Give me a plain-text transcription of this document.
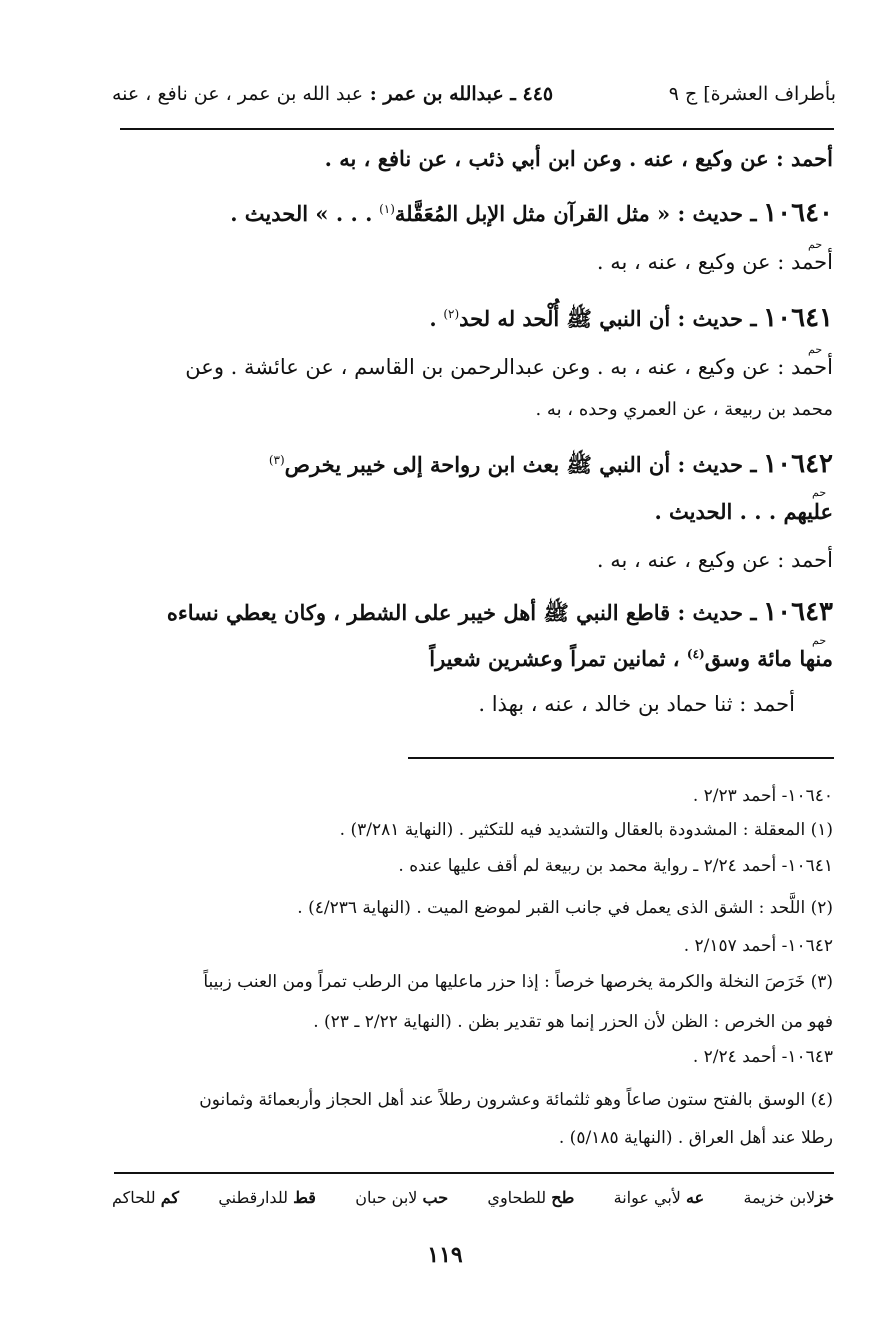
بأطراف العشرة] ج ٩
٤٤٥ ـ عبدالله بن عمر : عبد الله بن عمر ، عن نافع ، عنه
أحمد : عن وكيع ، عنه . وعن ابن أبي ذئب ، عن نافع ، به .
١٠٦٤٠ ـ حديث : « مثل القرآن مثل الإبل المُعَقَّلة$^{(١)}$ . . . » الحديث .
حم
أحمد : عن وكيع ، عنه ، به .
١٠٦٤١ ـ حديث : أن النبي ﷺ أُلْحد له لحد$^{(٢)}$ .
حم
أحمد : عن وكيع ، عنه ، به . وعن عبدالرحمن بن القاسم ، عن عائشة . وعن
محمد بن ربيعة ، عن العمري وحده ، به .
١٠٦٤٢ ـ حديث : أن النبي ﷺ بعث ابن رواحة إلى خيبر يخرص$^{(٣)}$
حم
عليهم . . . الحديث .
أحمد : عن وكيع ، عنه ، به .
١٠٦٤٣ ـ حديث : قاطع النبي ﷺ أهل خيبر على الشطر ، وكان يعطي نساءه
حم
منها مائة وسق$^{(٤)}$ ، ثمانين تمراً وعشرين شعيراً
أحمد : ثنا حماد بن خالد ، عنه ، بهذا .
١٠٦٤٠- أحمد ٢/٢٣ .
(١) المعقلة : المشدودة بالعقال والتشديد فيه للتكثير . (النهاية ٣/٢٨١) .
١٠٦٤١- أحمد ٢/٢٤ ـ رواية محمد بن ربيعة لم أقف عليها عنده .
(٢) اللَّحد : الشق الذى يعمل في جانب القبر لموضع الميت . (النهاية ٤/٢٣٦) .
١٠٦٤٢- أحمد ٢/١٥٧ .
(٣) خَرَصَ النخلة والكرمة يخرصها خرصاً : إذا حزر ماعليها من الرطب تمراً ومن العنب زبيباً
فهو من الخرص : الظن لأن الحزر إنما هو تقدير بظن . (النهاية ٢/٢٢ ـ ٢٣) .
١٠٦٤٣- أحمد ٢/٢٤ .
(٤) الوسق بالفتح ستون صاعاً وهو ثلثمائة وعشرون رطلاً عند أهل الحجاز وأربعمائة وثمانون
رطلا عند أهل العراق . (النهاية ٥/١٨٥) .
خزلابن خزيمة
عه لأبي عوانة
طح للطحاوي
حب لابن حبان
قط للدارقطني
كم للحاكم
١١٩
